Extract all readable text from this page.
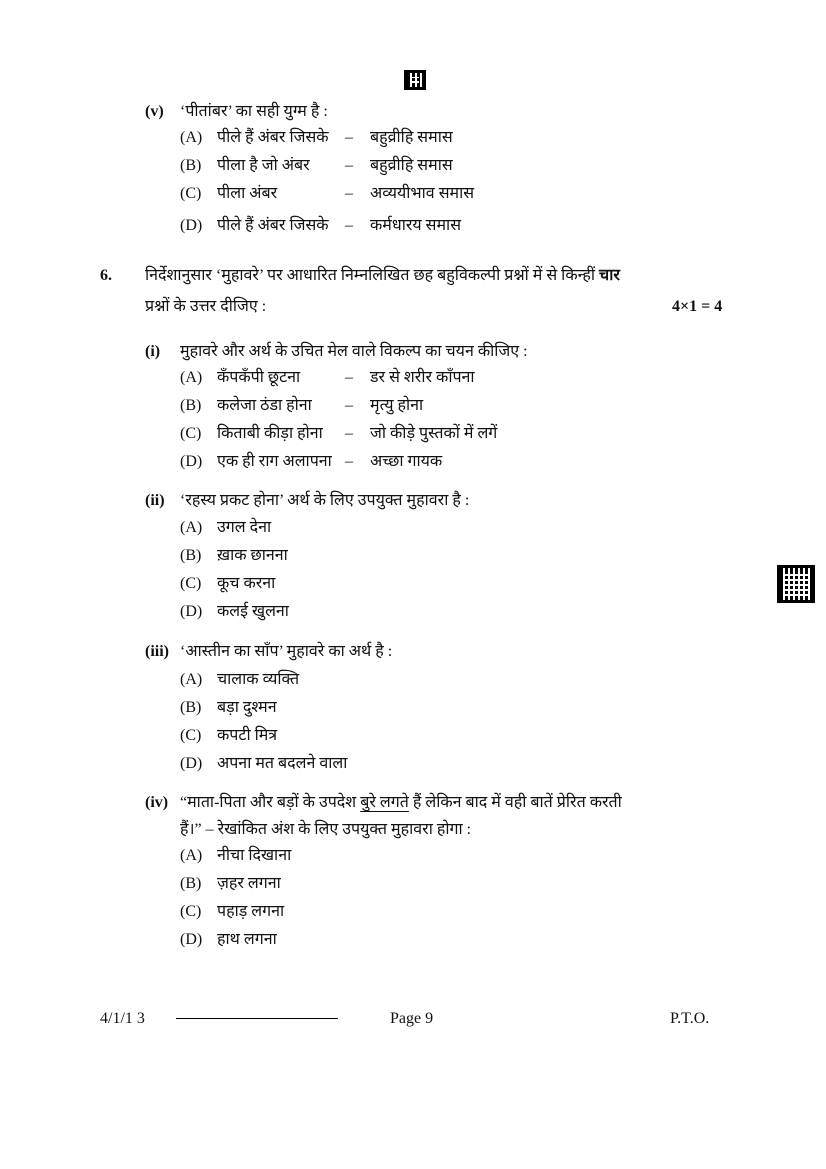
(v) ‘पीतांबर’ का सही युग्म है :
(A) पीले हैं अंबर जिसके – बहुव्रीहि समास
(B) पीला है जो अंबर – बहुव्रीहि समास
(C) पीला अंबर	– अव्ययीभाव समास
(D) पीले हैं अंबर जिसके – कर्मधारय समास
6. निर्देशानुसार ‘मुहावरे’ पर आधारित निम्नलिखित छह बहुविकल्पी प्रश्नों में से किन्हीं चार
प्रश्नों के उत्तर दीजिए :	4×1 = 4
(i) मुहावरे और अर्थ के उचित मेल वाले विकल्प का चयन कीजिए :
(A) कँपकँपी छूटना	– डर से शरीर काँपना
(B) कलेजा ठंडा होना – मृत्यु होना
(C) किताबी कीड़ा होना – जो कीड़े पुस्तकों में लगें
(D) एक ही राग अलापना – अच्छा गायक
(ii) ‘रहस्य प्रकट होना’ अर्थ के लिए उपयुक्त मुहावरा है :
(A) उगल देना
(B) ख़ाक छानना
(C) कूच करना
(D) कलई खुलना
(iii) ‘आस्तीन का साँप’ मुहावरे का अर्थ है :
(A) चालाक व्यक्ति
(B) बड़ा दुश्मन
(C) कपटी मित्र
(D) अपना मत बदलने वाला
(iv) “माता-पिता और बड़ों के उपदेश बुरे लगते हैं लेकिन बाद में वही बातें प्रेरित करती
हैं।” – रेखांकित अंश के लिए उपयुक्त मुहावरा होगा :
(A) नीचा दिखाना
(B) ज़हर लगना
(C) पहाड़ लगना
(D) हाथ लगना
4/1/1 3	Page 9	P.T.O.
